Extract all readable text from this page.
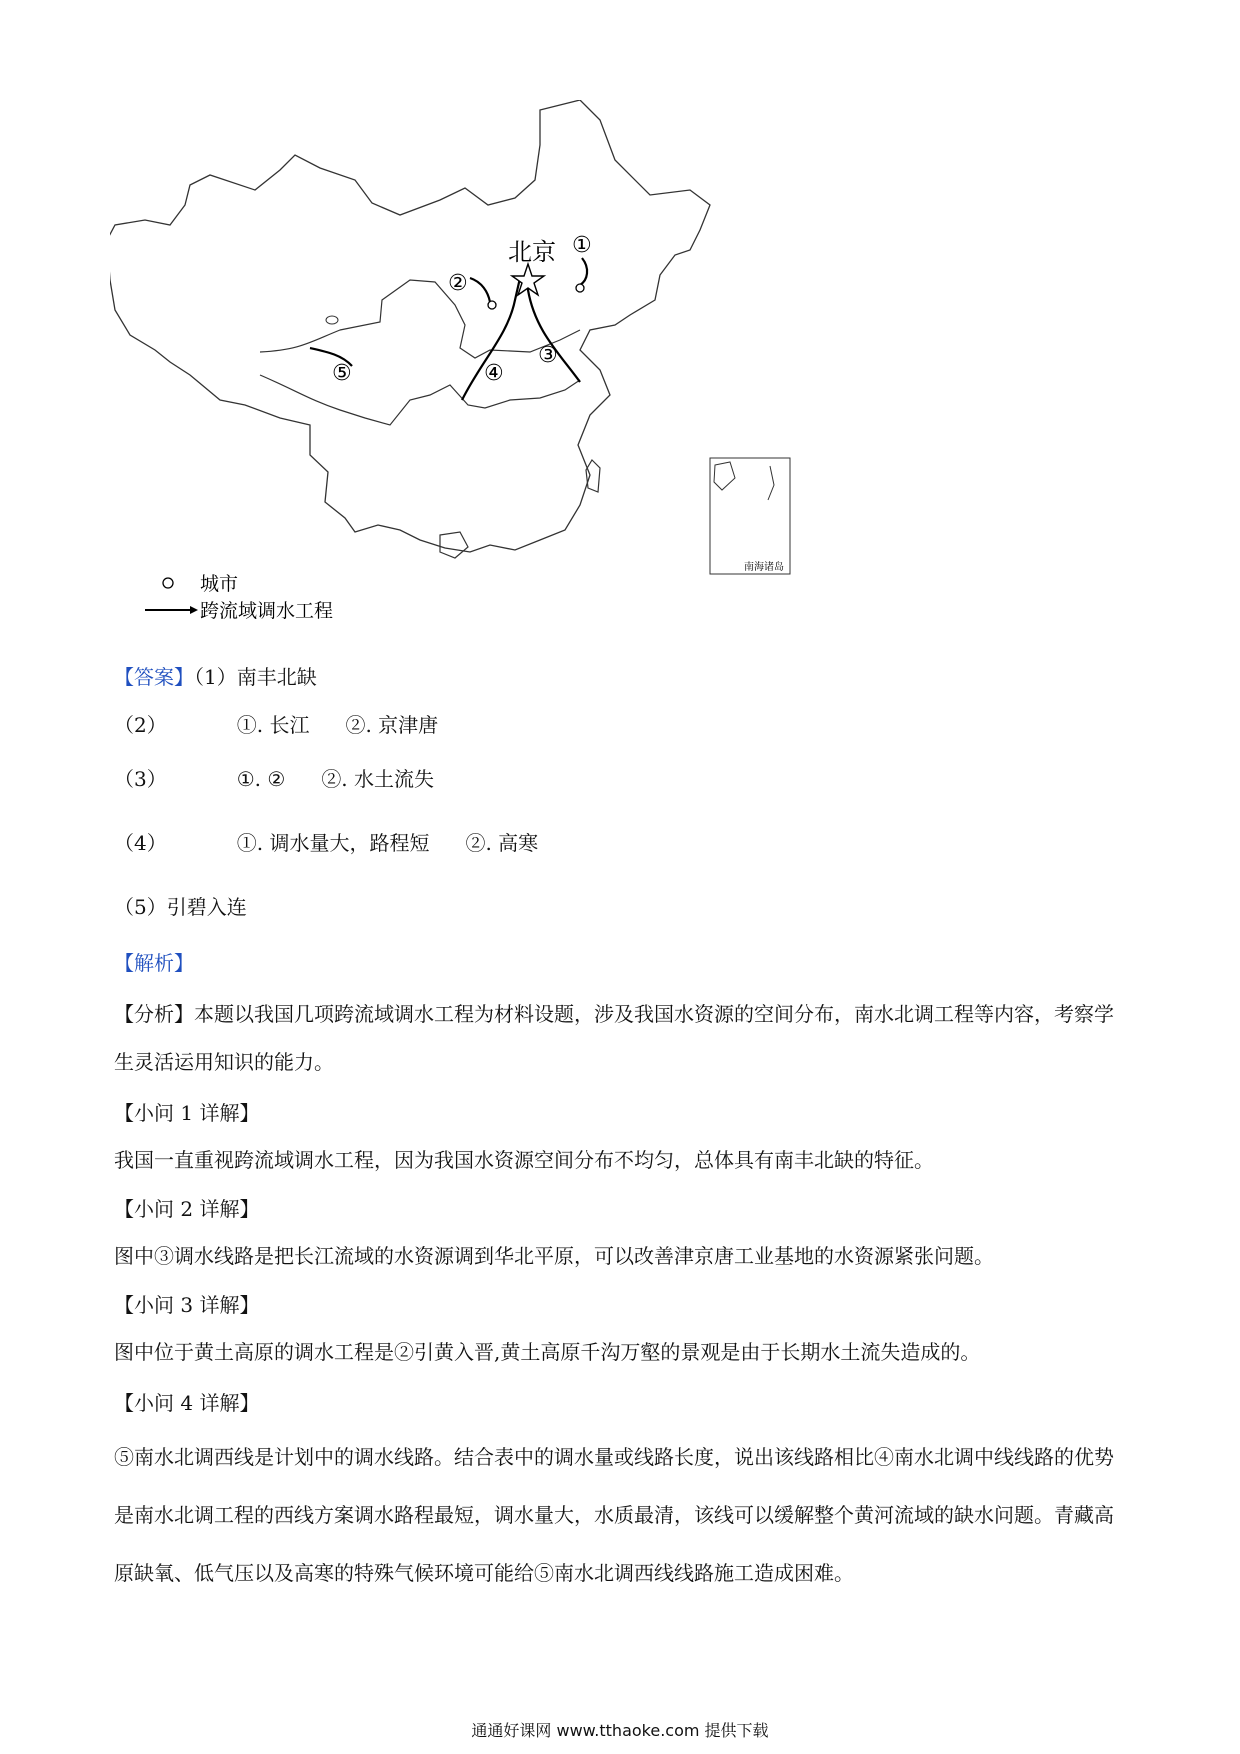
北京 ①
②
③
④
⑤
城市
跨流域调水工程
南海诸岛
【答案】（1）南丰北缺
（2）	①. 长江 ②. 京津唐
（3）	①. ② ②. 水土流失
（4）	①. 调水量大，路程短 ②. 高寒
（5）引碧入连
【解析】
【分析】本题以我国几项跨流域调水工程为材料设题，涉及我国水资源的空间分布，南水北调工程等内容，考察学生灵活运用知识的能力。
【小问 1 详解】
我国一直重视跨流域调水工程，因为我国水资源空间分布不均匀，总体具有南丰北缺的特征。
【小问 2 详解】
图中③调水线路是把长江流域的水资源调到华北平原，可以改善津京唐工业基地的水资源紧张问题。
【小问 3 详解】
图中位于黄土高原的调水工程是②引黄入晋,黄土高原千沟万壑的景观是由于长期水土流失造成的。
【小问 4 详解】
⑤南水北调西线是计划中的调水线路。结合表中的调水量或线路长度，说出该线路相比④南水北调中线线路的优势是南水北调工程的西线方案调水路程最短，调水量大，水质最清，该线可以缓解整个黄河流域的缺水问题。青藏高原缺氧、低气压以及高寒的特殊气候环境可能给⑤南水北调西线线路施工造成困难。
通通好课网 www.tthaoke.com 提供下载
